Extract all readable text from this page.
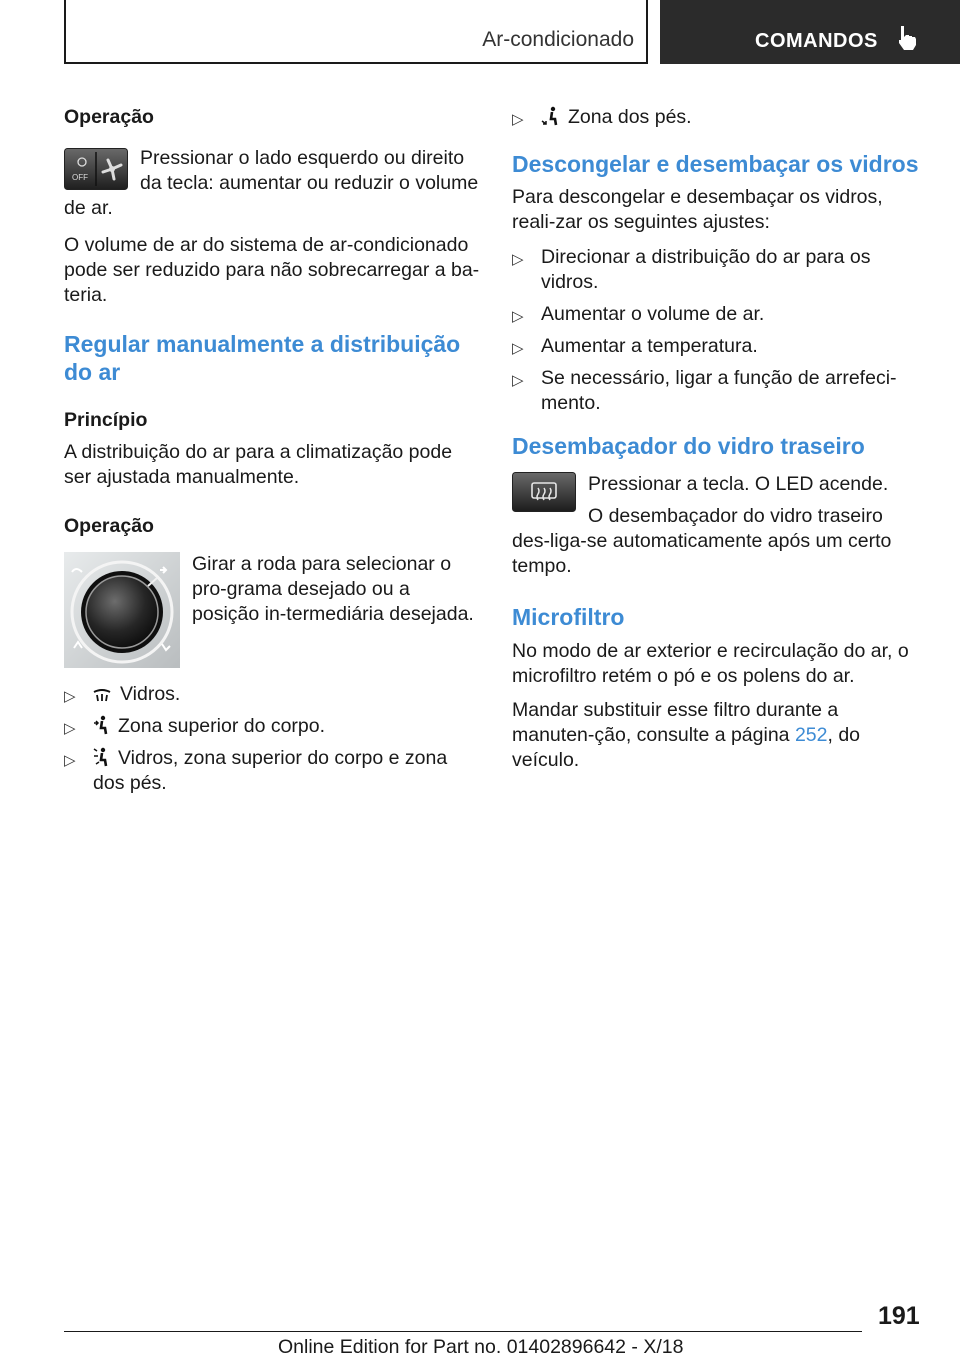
Ar-condicionado	COMANDOS

Operação

OFF

Pressionar o lado esquerdo ou direito da tecla: aumentar ou reduzir o volume de ar.

O volume de ar do sistema de ar-condicionado pode ser reduzido para não sobrecarregar a ba-teria.

Regular manualmente a distribuição do ar

Princípio

A distribuição do ar para a climatização pode ser ajustada manualmente.

Operação

Girar a roda para selecionar o pro-grama desejado ou a posição in-termediária desejada.

▷ Vidros.
▷ Zona superior do corpo.
▷ Vidros, zona superior do corpo e zona dos pés.
▷ Zona dos pés.

Descongelar e desembaçar os vidros

Para descongelar e desembaçar os vidros, reali-zar os seguintes ajustes:

▷ Direcionar a distribuição do ar para os vidros.
▷ Aumentar o volume de ar.
▷ Aumentar a temperatura.
▷ Se necessário, ligar a função de arrefeci-mento.

Desembaçador do vidro traseiro

Pressionar a tecla. O LED acende.

O desembaçador do vidro traseiro des-liga-se automaticamente após um certo tempo.

Microfiltro

No modo de ar exterior e recirculação do ar, o microfiltro retém o pó e os polens do ar.

Mandar substituir esse filtro durante a manuten-ção, consulte a página 252, do veículo.

191
Online Edition for Part no. 01402896642 - X/18
